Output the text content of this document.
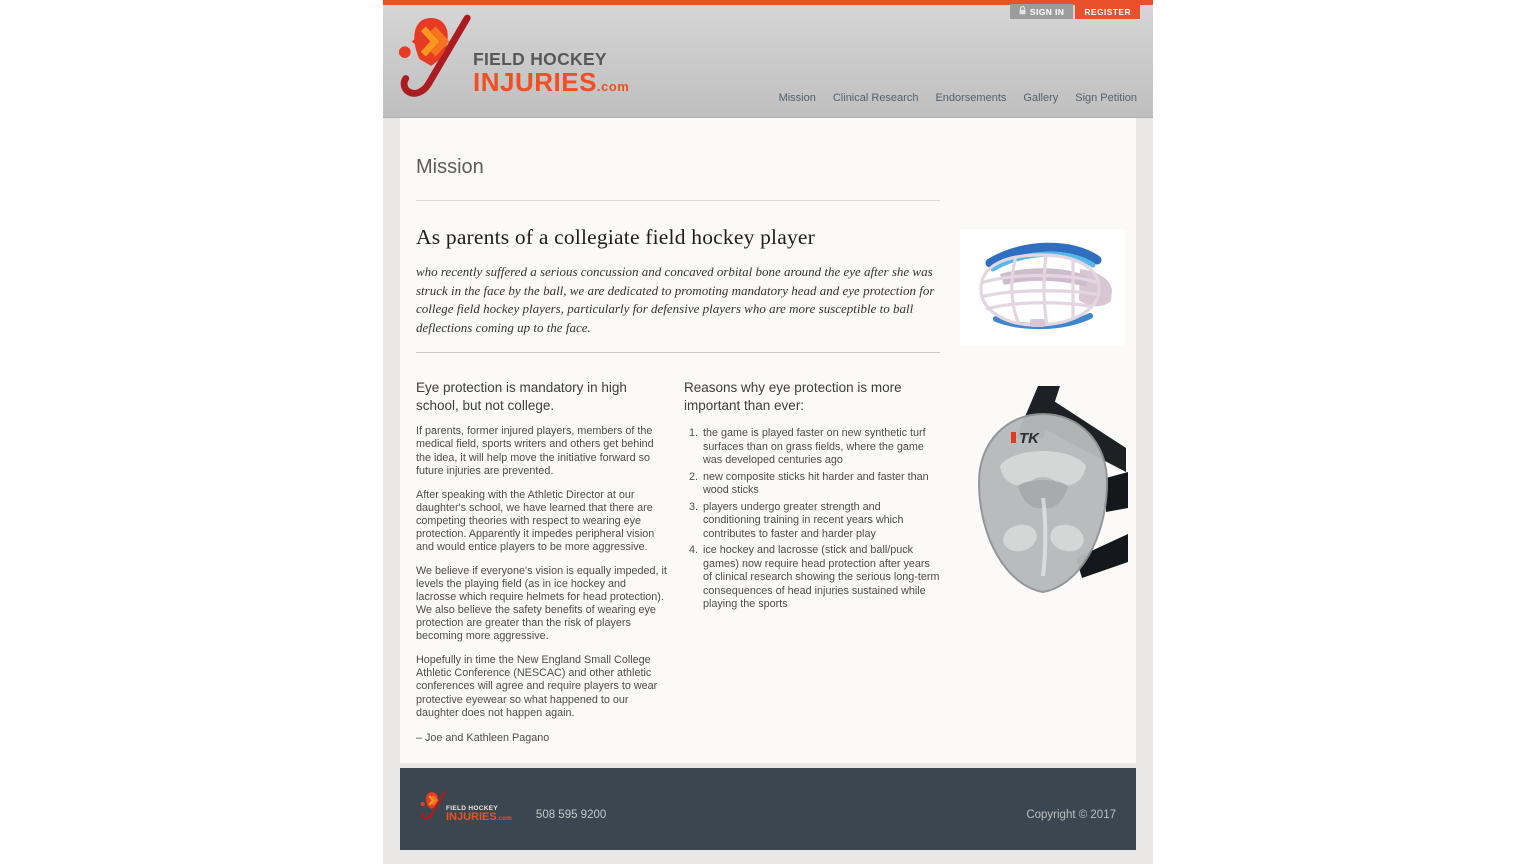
SIGN IN REGISTER
FIELD HOCKEY
INJURIES.com
Mission Clinical Research Endorsements Gallery Sign Petition
Mission
As parents of a collegiate field hockey player

who recently suffered a serious concussion and concaved orbital bone around the eye after she was struck in the face by the ball, we are dedicated to promoting mandatory head and eye protection for college field hockey players, particularly for defensive players who are more susceptible to ball deflections coming up to the face.

Eye protection is mandatory in high school, but not college.

If parents, former injured players, members of the medical field, sports writers and others get behind the idea, it will help move the initiative forward so future injuries are prevented.

After speaking with the Athletic Director at our daughter's school, we have learned that there are competing theories with respect to wearing eye protection. Apparently it impedes peripheral vision and would entice players to be more aggressive.

We believe if everyone's vision is equally impeded, it levels the playing field (as in ice hockey and lacrosse which require helmets for head protection). We also believe the safety benefits of wearing eye protection are greater than the risk of players becoming more aggressive.

Hopefully in time the New England Small College Athletic Conference (NESCAC) and other athletic conferences will agree and require players to wear protective eyewear so what happened to our daughter does not happen again.

– Joe and Kathleen Pagano

Reasons why eye protection is more important than ever:
1. the game is played faster on new synthetic turf surfaces than on grass fields, where the game was developed centuries ago
2. new composite sticks hit harder and faster than wood sticks
3. players undergo greater strength and conditioning training in recent years which contributes to faster and harder play
4. ice hockey and lacrosse (stick and ball/puck games) now require head protection after years of clinical research showing the serious long-term consequences of head injuries sustained while playing the sports
TK
FIELD HOCKEY
INJURIES.com 508 595 9200	Copyright © 2017
